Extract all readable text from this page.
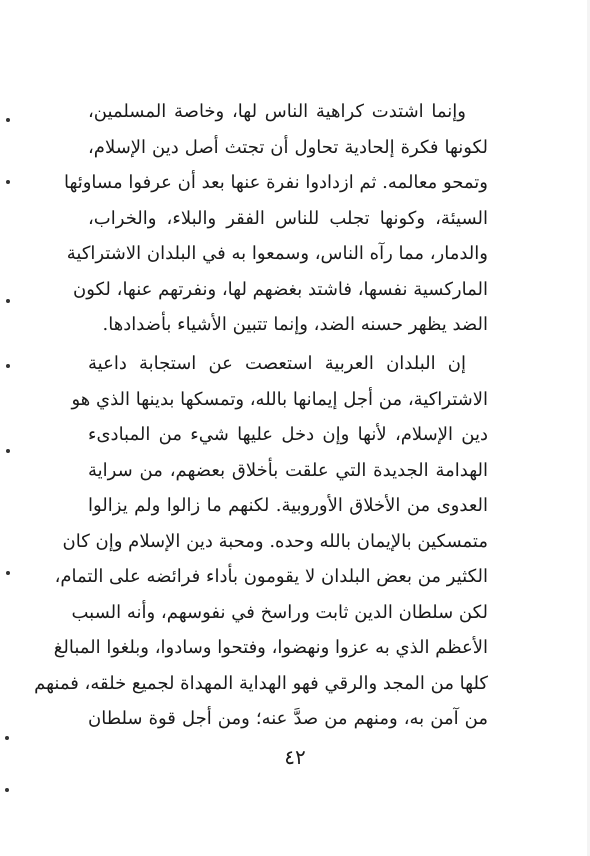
وإنما اشتدت كراهية الناس لها، وخاصة المسلمين،
لكونها فكرة إلحادية تحاول أن تجتث أصل دين الإسلام،
وتمحو معالمه. ثم ازدادوا نفرة عنها بعد أن عرفوا مساوئها
السيئة، وكونها تجلب للناس الفقر والبلاء، والخراب،
والدمار، مما رآه الناس، وسمعوا به في البلدان الاشتراكية
الماركسية نفسها، فاشتد بغضهم لها، ونفرتهم عنها، لكون
الضد يظهر حسنه الضد، وإنما تتبين الأشياء بأضدادها.
إن البلدان العربية استعصت عن استجابة داعية
الاشتراكية، من أجل إيمانها بالله، وتمسكها بدينها الذي هو
دين الإسلام، لأنها وإن دخل عليها شيء من المبادىء
الهدامة الجديدة التي علقت بأخلاق بعضهم، من سراية
العدوى من الأخلاق الأوروبية. لكنهم ما زالوا ولم يزالوا
متمسكين بالإيمان بالله وحده. ومحبة دين الإسلام وإن كان
الكثير من بعض البلدان لا يقومون بأداء فرائضه على التمام،
لكن سلطان الدين ثابت وراسخ في نفوسهم، وأنه السبب
الأعظم الذي به عزوا ونهضوا، وفتحوا وسادوا، وبلغوا المبالغ
كلها من المجد والرقي فهو الهداية المهداة لجميع خلقه، فمنهم
من آمن به، ومنهم من صدَّ عنه؛ ومن أجل قوة سلطان
٤٢
